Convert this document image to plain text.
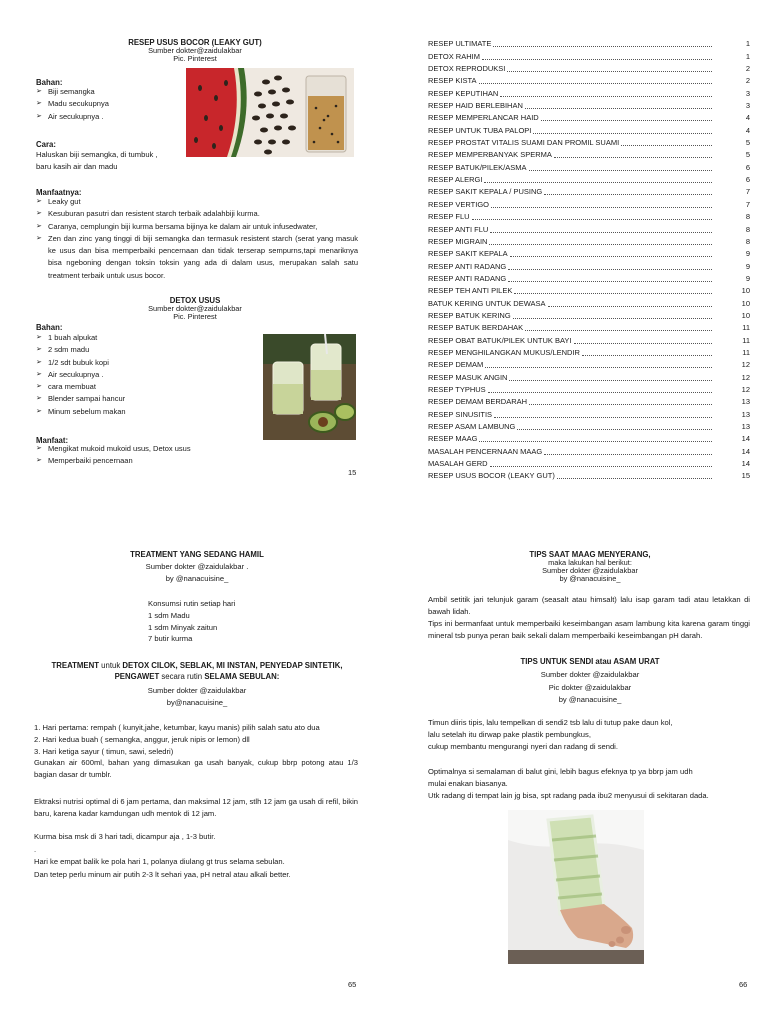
RESEP USUS BOCOR (LEAKY GUT)
Sumber dokter@zaidulakbar
Pic. Pinterest
Bahan:
➢ Biji semangka
➢ Madu secukupnya
➢ Air secukupnya .
Cara:
Haluskan biji semangka, di tumbuk ,
baru kasih air dan madu
Manfaatnya:
➢ Leaky gut
➢ Kesuburan pasutri dan resistent starch terbaik adalahbiji kurma.
➢ Caranya, cemplungin biji kurma bersama bijinya ke dalam air untuk infusedwater,
➢ Zen dan zinc yang tinggi di biji semangka dan termasuk resistent starch (serat yang masuk ke usus dan bisa memperbaiki pencernaan dan tidak terserap sempurns,tapi menariknya bisa ngeboning dengan toksin toksin yang ada di dalam usus, merupakan salah satu treatment terbaik untuk usus bocor.
DETOX USUS
Sumber dokter@zaidulakbar
Pic. Pinterest
Bahan:
➢ 1 buah alpukat
➢ 2 sdm madu
➢ 1/2 sdt bubuk kopi
➢ Air secukupnya .
➢ cara membuat
➢ Blender sampai hancur
➢ Minum sebelum makan
Manfaat:
➢ Mengikat mukoid mukoid usus, Detox usus
➢ Memperbaiki pencernaan
15
RESEP ULTIMATE	1
DETOX RAHIM	1
DETOX REPRODUKSI	2
RESEP KISTA	2
RESEP KEPUTIHAN	3
RESEP HAID BERLEBIHAN	3
RESEP MEMPERLANCAR HAID	4
RESEP UNTUK TUBA PALOPI	4
RESEP PROSTAT VITALIS SUAMI DAN PROMIL SUAMI	5
RESEP MEMPERBANYAK SPERMA	5
RESEP BATUK/PILEK/ASMA	6
RESEP ALERGI	6
RESEP SAKIT KEPALA / PUSING	7
RESEP VERTIGO	7
RESEP FLU	8
RESEP ANTI FLU	8
RESEP MIGRAIN	8
RESEP SAKIT KEPALA	9
RESEP ANTI RADANG	9
RESEP ANTI RADANG	9
RESEP TEH ANTI PILEK	10
BATUK KERING UNTUK DEWASA	10
RESEP BATUK KERING	10
RESEP BATUK BERDAHAK	11
RESEP OBAT BATUK/PILEK UNTUK BAYI	11
RESEP MENGHILANGKAN MUKUS/LENDIR	11
RESEP DEMAM	12
RESEP MASUK ANGIN	12
RESEP TYPHUS	12
RESEP DEMAM BERDARAH	13
RESEP SINUSITIS	13
RESEP ASAM LAMBUNG	13
RESEP MAAG	14
MASALAH PENCERNAAN MAAG	14
MASALAH GERD	14
RESEP USUS BOCOR (LEAKY GUT)	15
TREATMENT YANG SEDANG HAMIL
Sumber dokter @zaidulakbar .
by @nanacuisine_
Konsumsi rutin setiap hari
1 sdm Madu
1 sdm Minyak zaitun
7 butir kurma
TREATMENT untuk DETOX CILOK, SEBLAK, MI INSTAN, PENYEDAP SINTETIK,
PENGAWET secara rutin SELAMA SEBULAN:
Sumber dokter @zaidulakbar
by@nanacuisine_
1. Hari pertama: rempah ( kunyit,jahe, ketumbar, kayu manis) pilih salah satu ato dua
2. Hari kedua buah ( semangka, anggur, jeruk nipis or lemon) dll
3. Hari ketiga sayur ( timun, sawi, seledri)
Gunakan air 600ml, bahan yang dimasukan ga usah banyak, cukup bbrp potong atau 1/3 bagian dasar dr tumblr.
Ektraksi nutrisi optimal di 6 jam pertama, dan maksimal 12 jam, stlh 12 jam ga usah di refil, bikin baru, karena kadar kamdungan udh mentok di 12 jam.
Kurma bisa msk di 3 hari tadi, dicampur aja , 1-3 butir.
.
Hari ke empat balik ke pola hari 1, polanya diulang gt trus selama sebulan.
Dan tetep perlu minum air putih 2-3 lt sehari yaa, pH netral atau alkali better.
65
TIPS SAAT MAAG MENYERANG,
maka lakukan hal berikut:
Sumber dokter @zaidulakbar
by @nanacuisine_
Ambil setitik jari telunjuk garam (seasalt atau himsalt) lalu isap garam tadi atau letakkan di bawah lidah.
Tips ini bermanfaat untuk memperbaiki keseimbangan asam lambung kita karena garam tinggi mineral tsb punya peran baik sekali dalam memperbaiki keseimbangan pH darah.
TIPS UNTUK SENDI atau ASAM URAT
Sumber dokter @zaidulakbar
Pic dokter @zaidulakbar
by @nanacuisine_
Timun diiris tipis, lalu tempelkan di sendi2 tsb lalu di tutup pake daun kol,
lalu setelah itu dirwap pake plastik pembungkus,
cukup membantu mengurangi nyeri dan radang di sendi.
Optimalnya si semalaman di balut gini, lebih bagus efeknya tp ya bbrp jam udh
mulai enakan biasanya.
Utk radang di tempat lain jg bisa, spt radang pada ibu2 menyusui di sekitaran dada.
66
